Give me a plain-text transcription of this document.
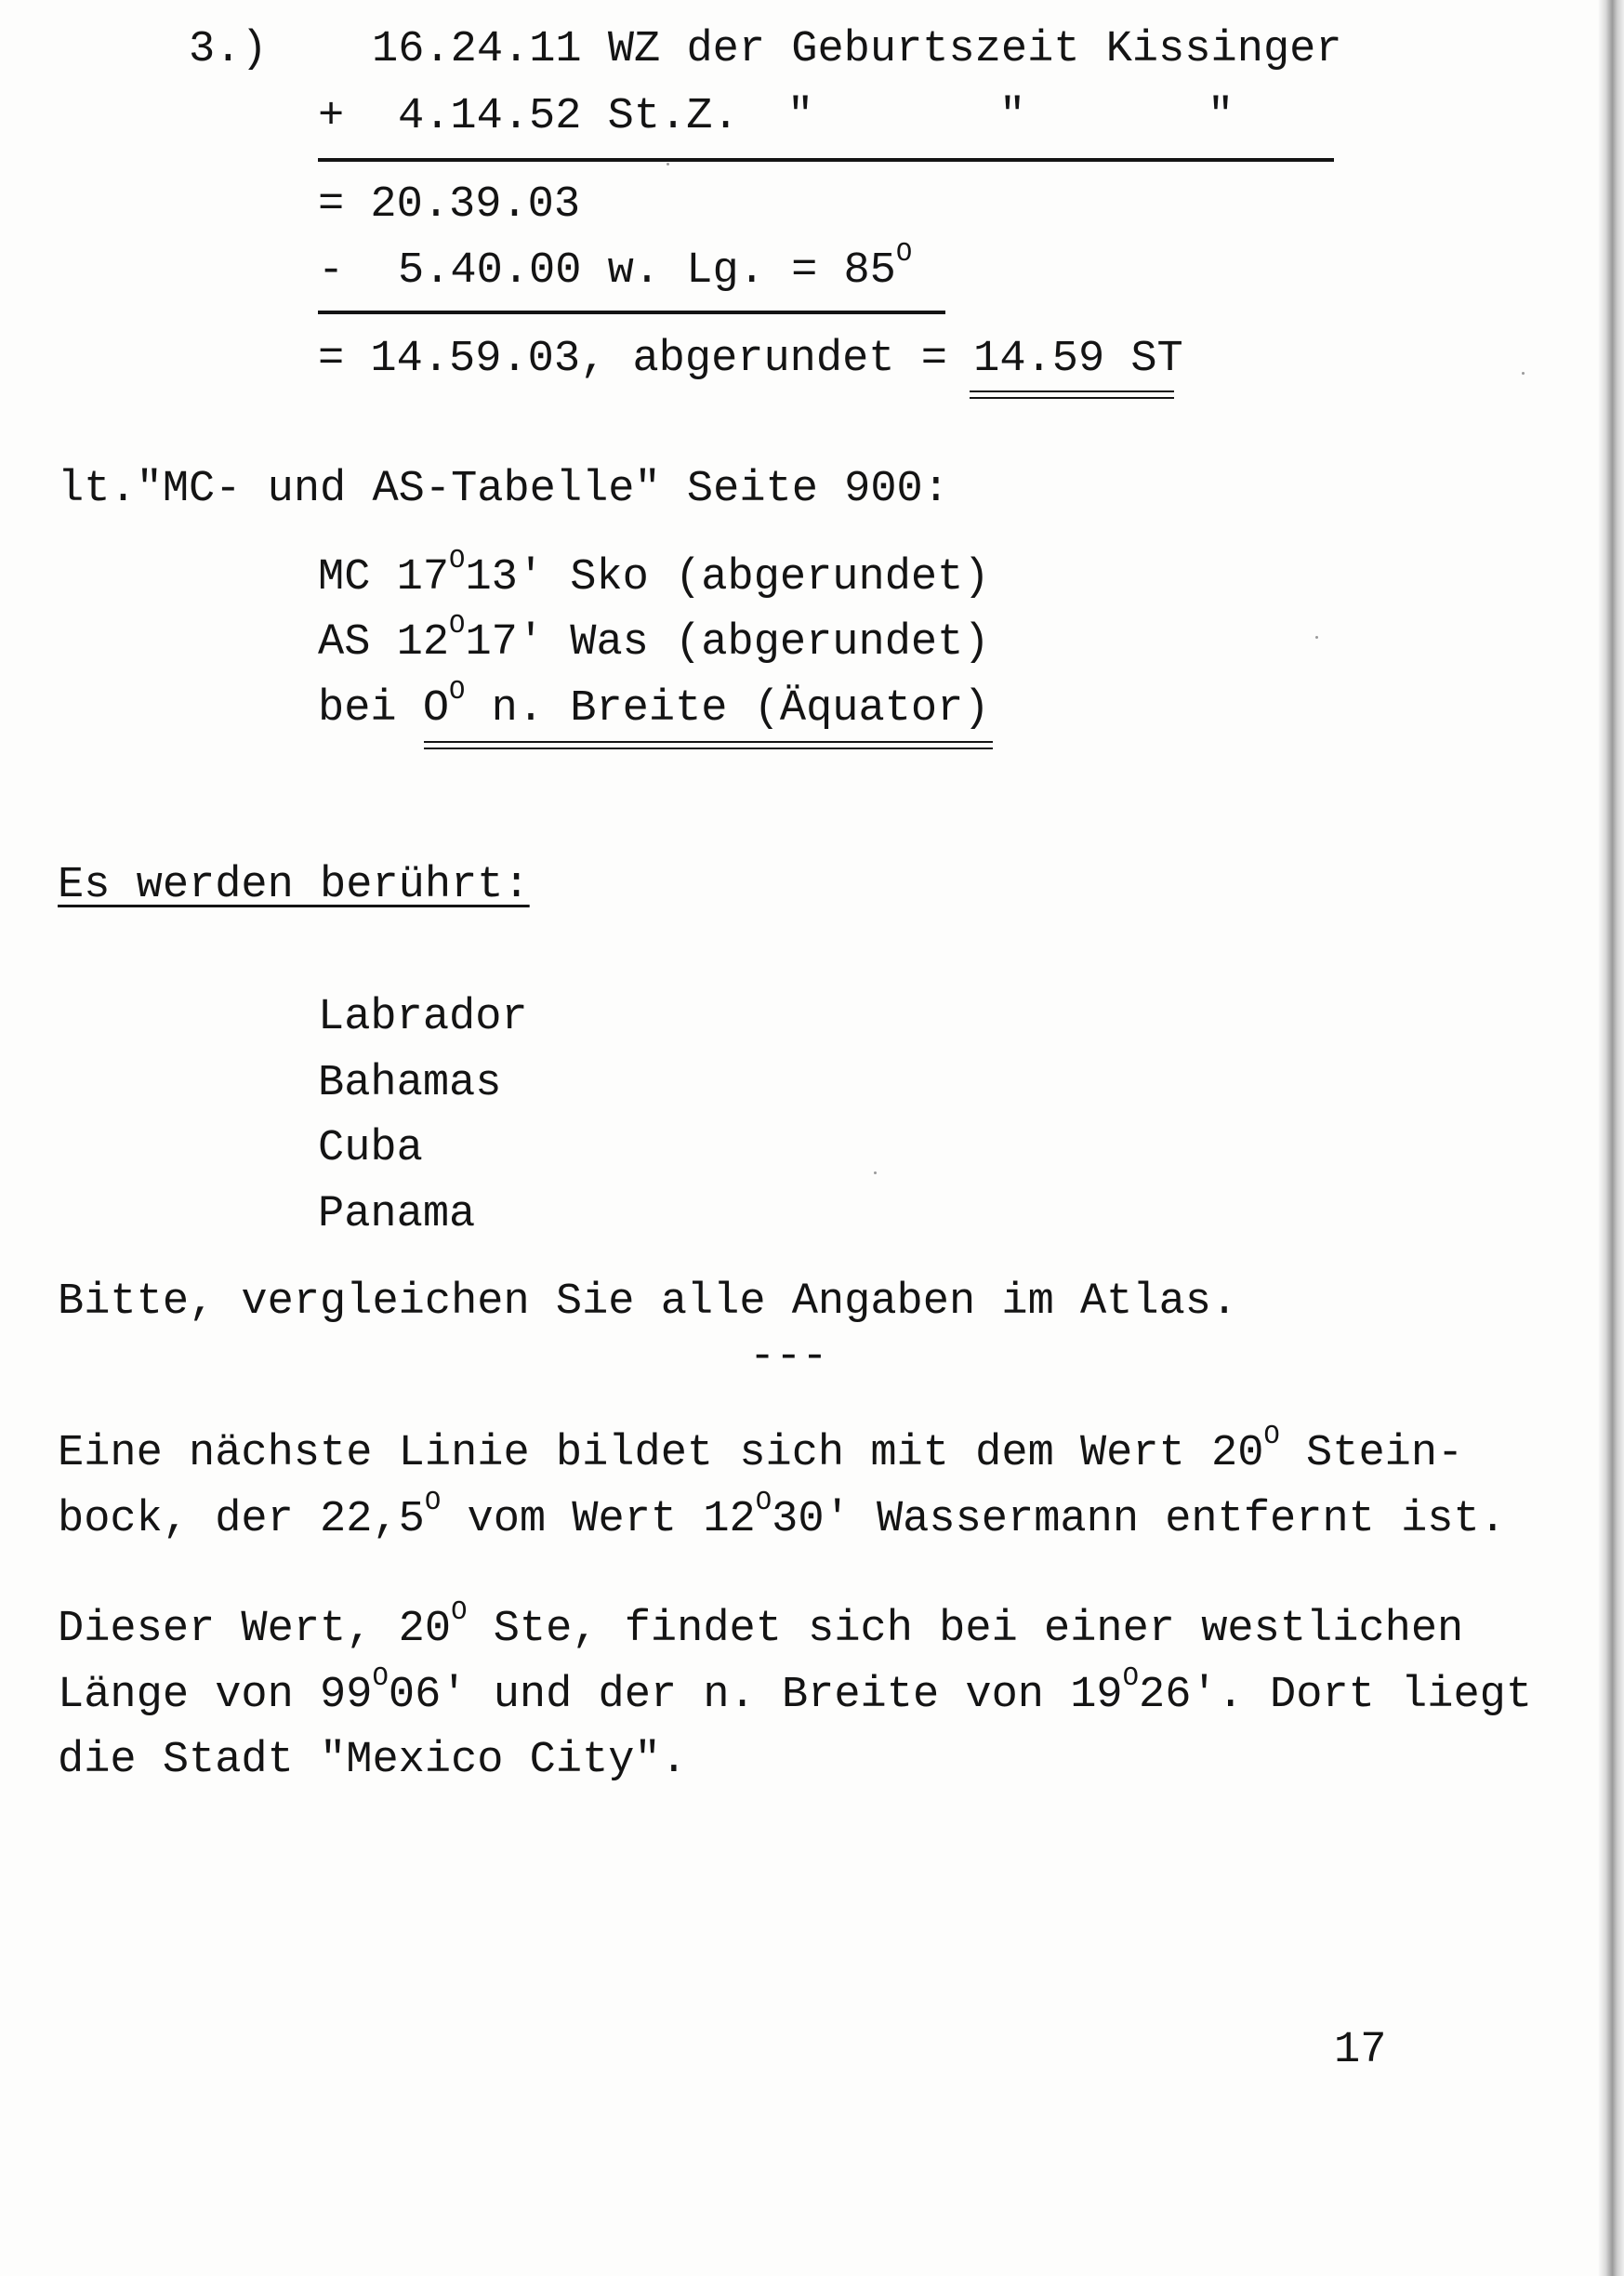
3.) 16.24.11 WZ der Geburtszeit Kissinger
+ 4.14.52 St.Z. "	"	"
= 20.39.03
- 5.40.00 w. Lg. = $85^O$
= 14.59.03, abgerundet = 14.59 ST
lt."MC- und AS-Tabelle" Seite 900:
MC $17^O13'$ Sko (abgerundet)
AS $12^O17'$ Was (abgerundet)
bei $O^O$ n. Breite (Äquator)
Es werden berührt:
Labrador
Bahamas
Cuba
Panama
Bitte, vergleichen Sie alle Angaben im Atlas.
---
Eine nächste Linie bildet sich mit dem Wert $20^O$ Stein-
bock, der $22,5^O$ vom Wert $12^O30'$ Wassermann entfernt ist.
Dieser Wert, $20^O$ Ste, findet sich bei einer westlichen
Länge von $99^O06'$ und der n. Breite von $19^O26'$. Dort liegt
die Stadt "Mexico City".
17
